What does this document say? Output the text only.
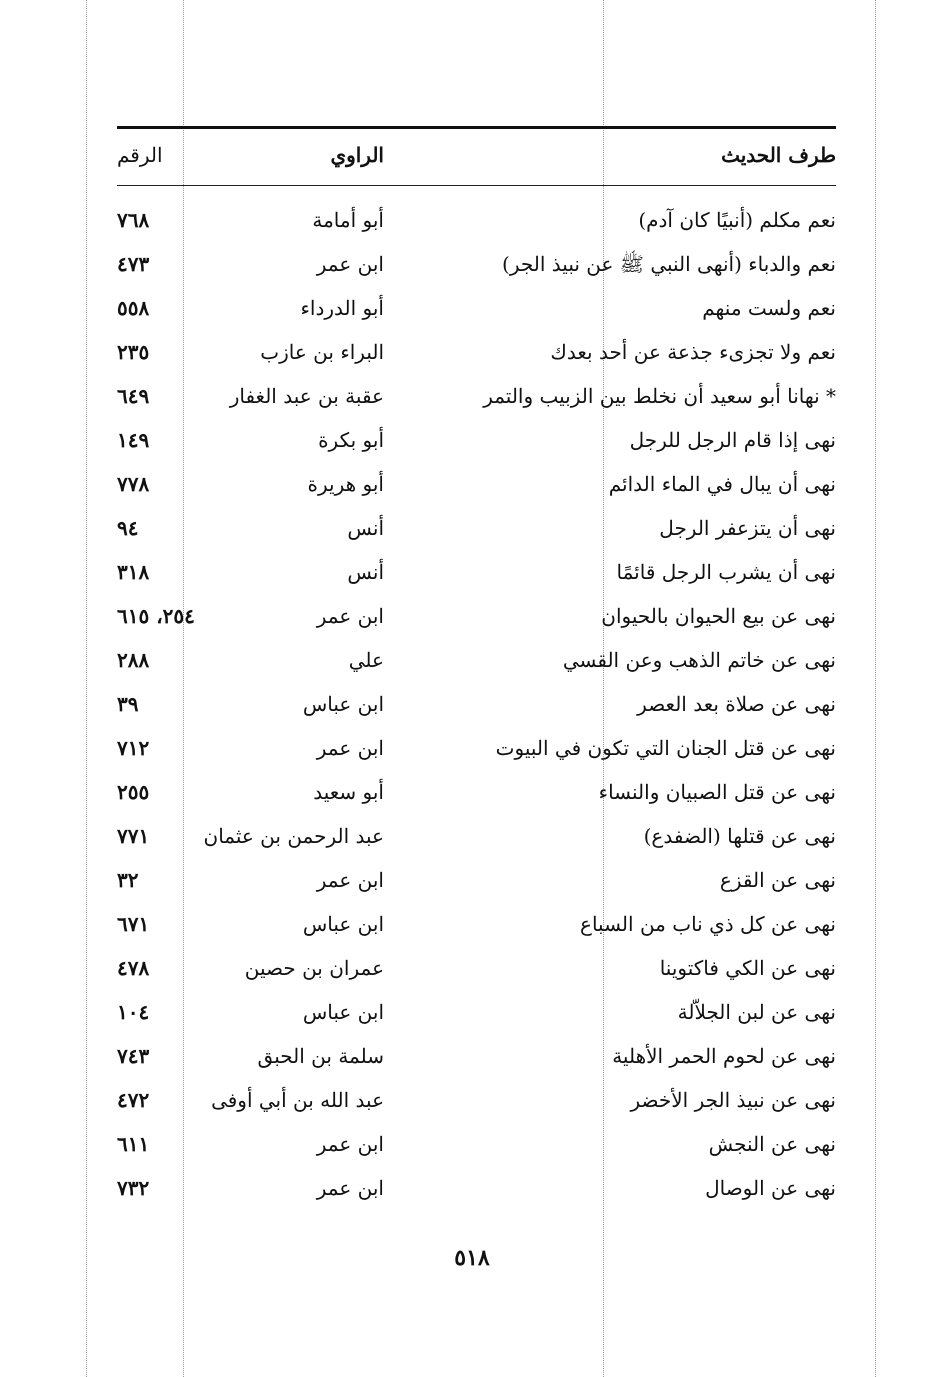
طرف الحديث
الراوي
الرقم
نعم مكلم (أنبيًا كان آدم)
أبو أمامة
٧٦٨
نعم والدباء (أنهى النبي ﷺ عن نبيذ الجر)
ابن عمر
٤٧٣
نعم ولست منهم
أبو الدرداء
٥٥٨
نعم ولا تجزىء جذعة عن أحد بعدك
البراء بن عازب
٢٣٥
* نهانا أبو سعيد أن نخلط بين الزبيب والتمر
عقبة بن عبد الغفار
٦٤٩
نهى إذا قام الرجل للرجل
أبو بكرة
١٤٩
نهى أن يبال في الماء الدائم
أبو هريرة
٧٧٨
نهى أن يتزعفر الرجل
أنس
٩٤
نهى أن يشرب الرجل قائمًا
أنس
٣١٨
نهى عن بيع الحيوان بالحيوان
ابن عمر
٢٥٤، ٦١٥
نهى عن خاتم الذهب وعن القسي
علي
٢٨٨
نهى عن صلاة بعد العصر
ابن عباس
٣٩
نهى عن قتل الجنان التي تكون في البيوت
ابن عمر
٧١٢
نهى عن قتل الصبيان والنساء
أبو سعيد
٢٥٥
نهى عن قتلها (الضفدع)
عبد الرحمن بن عثمان
٧٧١
نهى عن القزع
ابن عمر
٣٢
نهى عن كل ذي ناب من السباع
ابن عباس
٦٧١
نهى عن الكي فاكتوينا
عمران بن حصين
٤٧٨
نهى عن لبن الجلاّلة
ابن عباس
١٠٤
نهى عن لحوم الحمر الأهلية
سلمة بن الحبق
٧٤٣
نهى عن نبيذ الجر الأخضر
عبد الله بن أبي أوفى
٤٧٢
نهى عن النجش
ابن عمر
٦١١
نهى عن الوصال
ابن عمر
٧٣٢
٥١٨
